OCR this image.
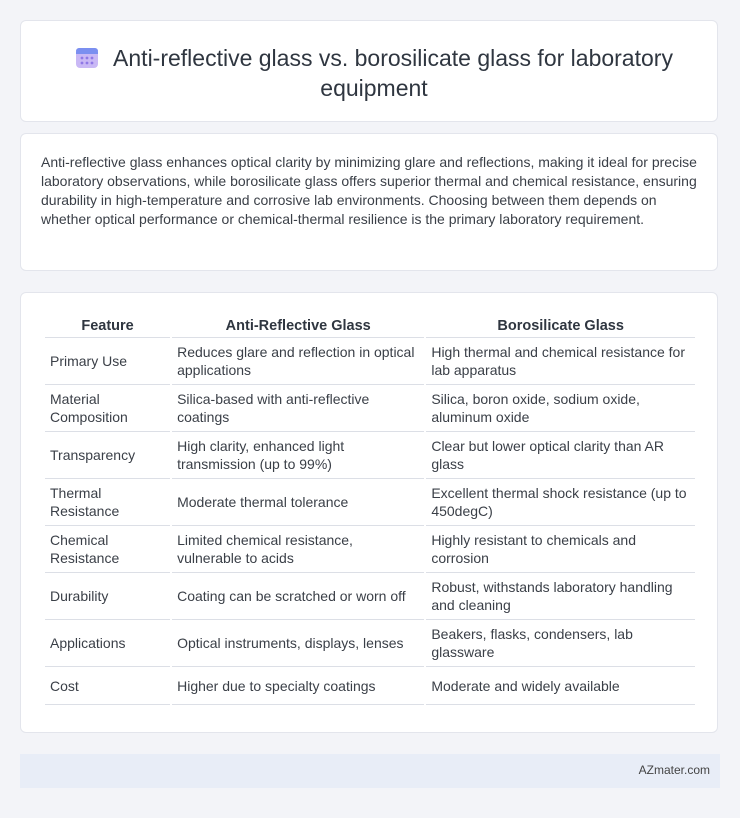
Anti-reflective glass vs. borosilicate glass for laboratory equipment
Anti-reflective glass enhances optical clarity by minimizing glare and reflections, making it ideal for precise laboratory observations, while borosilicate glass offers superior thermal and chemical resistance, ensuring durability in high-temperature and corrosive lab environments. Choosing between them depends on whether optical performance or chemical-thermal resilience is the primary laboratory requirement.
Feature	Anti-Reflective Glass	Borosilicate Glass
Primary Use	Reduces glare and reflection in optical applications	High thermal and chemical resistance for lab apparatus
Material Composition	Silica-based with anti-reflective coatings	Silica, boron oxide, sodium oxide, aluminum oxide
Transparency	High clarity, enhanced light transmission (up to 99%)	Clear but lower optical clarity than AR glass
Thermal Resistance	Moderate thermal tolerance	Excellent thermal shock resistance (up to 450degC)
Chemical Resistance	Limited chemical resistance, vulnerable to acids	Highly resistant to chemicals and corrosion
Durability	Coating can be scratched or worn off	Robust, withstands laboratory handling and cleaning
Applications	Optical instruments, displays, lenses	Beakers, flasks, condensers, lab glassware
Cost	Higher due to specialty coatings	Moderate and widely available
AZmater.com
